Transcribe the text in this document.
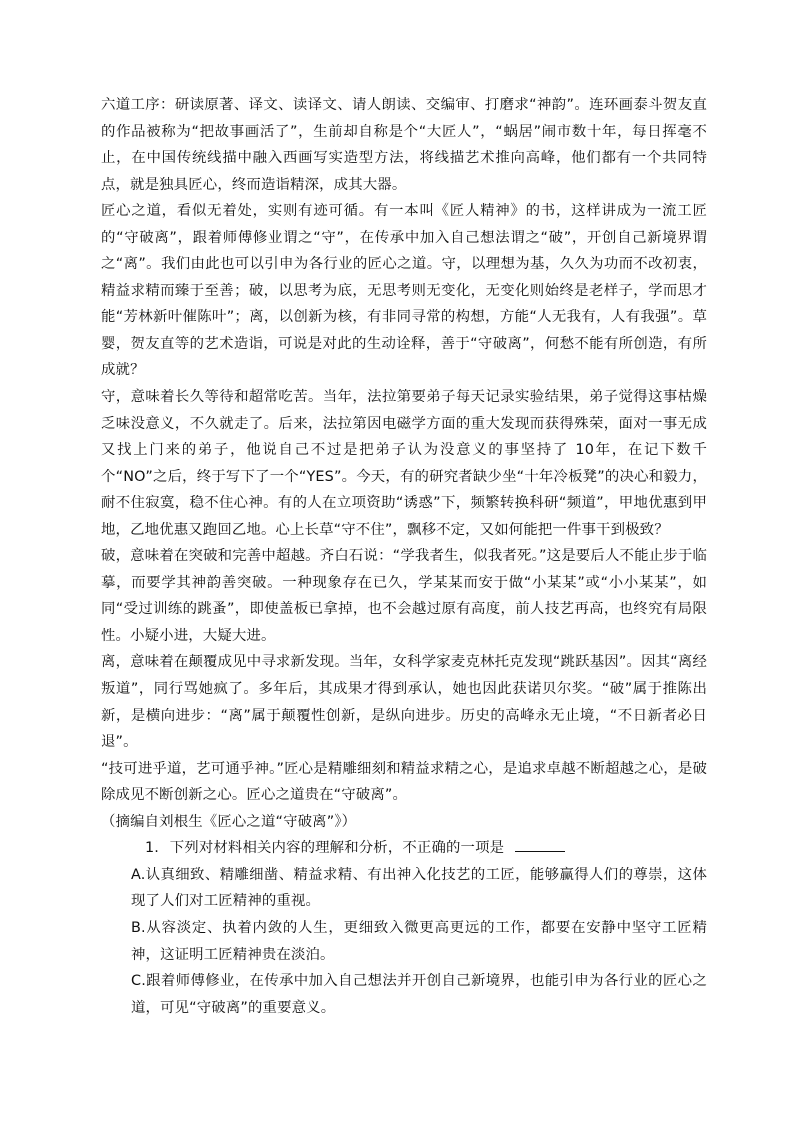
六道工序：研读原著、译文、读译文、请人朗读、交编审、打磨求“神韵”。连环画泰斗贺友直的作品被称为“把故事画活了”，生前却自称是个“大匠人”，“蜗居”闹市数十年，每日挥毫不止，在中国传统线描中融入西画写实造型方法，将线描艺术推向高峰，他们都有一个共同特点，就是独具匠心，终而造诣精深，成其大器。

匠心之道，看似无着处，实则有迹可循。有一本叫《匠人精神》的书，这样讲成为一流工匠的“守破离”，跟着师傅修业谓之“守”，在传承中加入自己想法谓之“破”，开创自己新境界谓之“离”。我们由此也可以引申为各行业的匠心之道。守，以理想为基，久久为功而不改初衷，精益求精而臻于至善；破，以思考为底，无思考则无变化，无变化则始终是老样子，学而思才能“芳林新叶催陈叶”；离，以创新为核，有非同寻常的构想，方能“人无我有，人有我强”。草婴，贺友直等的艺术造诣，可说是对此的生动诠释，善于“守破离”，何愁不能有所创造，有所成就？

守，意味着长久等待和超常吃苦。当年，法拉第要弟子每天记录实验结果，弟子觉得这事枯燥乏味没意义，不久就走了。后来，法拉第因电磁学方面的重大发现而获得殊荣，面对一事无成又找上门来的弟子，他说自己不过是把弟子认为没意义的事坚持了 10年，在记下数千个“NO”之后，终于写下了一个“YES”。今天，有的研究者缺少坐“十年冷板凳”的决心和毅力，耐不住寂寞，稳不住心神。有的人在立项资助“诱惑”下，频繁转换科研“频道”，甲地优惠到甲地，乙地优惠又跑回乙地。心上长草“守不住”，飘移不定，又如何能把一件事干到极致？

破，意味着在突破和完善中超越。齐白石说：“学我者生，似我者死。”这是要后人不能止步于临摹，而要学其神韵善突破。一种现象存在已久，学某某而安于做“小某某”或“小小某某”，如同“受过训练的跳蚤”，即使盖板已拿掉，也不会越过原有高度，前人技艺再高，也终究有局限性。小疑小进，大疑大进。

离，意味着在颠覆成见中寻求新发现。当年，女科学家麦克林托克发现“跳跃基因”。因其“离经叛道”，同行骂她疯了。多年后，其成果才得到承认，她也因此获诺贝尔奖。“破”属于推陈出新，是横向进步：“离”属于颠覆性创新，是纵向进步。历史的高峰永无止境，“不日新者必日退”。

“技可进乎道，艺可通乎神。”匠心是精雕细刻和精益求精之心，是追求卓越不断超越之心，是破除成见不断创新之心。匠心之道贵在“守破离”。

（摘编自刘根生《匠心之道“守破离”》）
1. 下列对材料相关内容的理解和分析，不正确的一项是

A.认真细致、精雕细凿、精益求精、有出神入化技艺的工匠，能够赢得人们的尊崇，这体现了人们对工匠精神的重视。

B.从容淡定、执着内敛的人生，更细致入微更高更远的工作，都要在安静中坚守工匠精神，这证明工匠精神贵在淡泊。

C.跟着师傅修业，在传承中加入自己想法并开创自己新境界，也能引申为各行业的匠心之道，可见“守破离”的重要意义。
